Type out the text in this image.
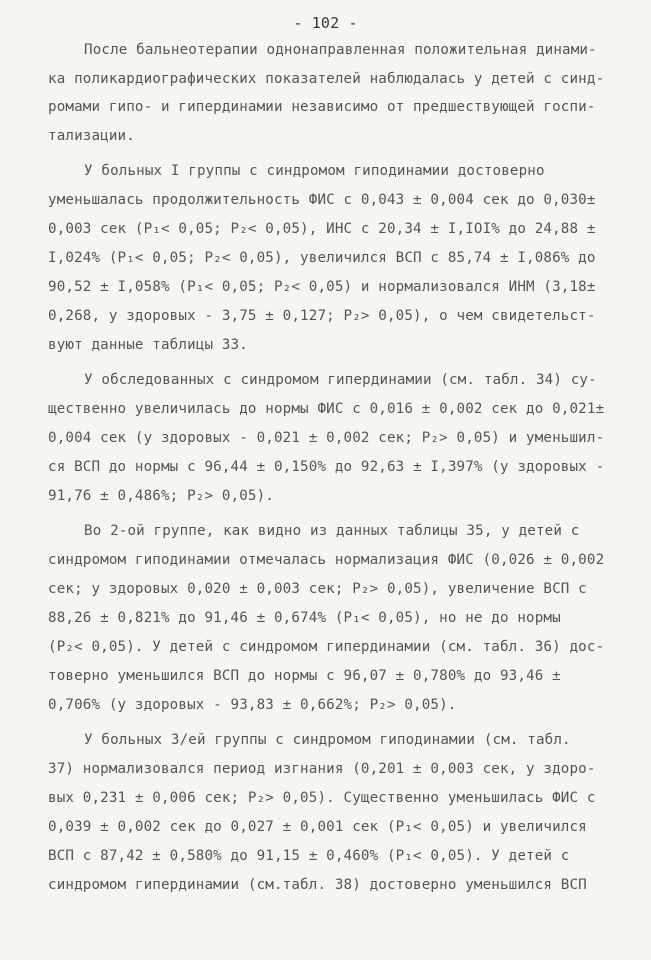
- 102 -
После бальнеотерапии однонаправленная положительная динами-
ка поликардиографических показателей наблюдалась у детей с синд-
ромами гипо- и гипердинамии независимо от предшествующей госпи-
тализации.
У больных I группы с синдромом гиподинамии достоверно
уменьшалась продолжительность ФИС с 0,043 ± 0,004 сек до 0,030±
0,003 сек (Р₁< 0,05; Р₂< 0,05), ИНС с 20,34 ± I,IOI% до 24,88 ±
I,024% (Р₁< 0,05; Р₂< 0,05), увеличился ВСП с 85,74 ± I,086% до
90,52 ± I,058% (Р₁< 0,05; Р₂< 0,05) и нормализовался ИНМ (3,18±
0,268, у здоровых - 3,75 ± 0,127; Р₂> 0,05), о чем свидетельст-
вуют данные таблицы 33.
У обследованных с синдромом гипердинамии (см. табл. 34) су-
щественно увеличилась до нормы ФИС с 0,016 ± 0,002 сек до 0,021±
0,004 сек (у здоровых - 0,021 ± 0,002 сек; Р₂> 0,05) и уменьшил-
ся ВСП до нормы с 96,44 ± 0,150% до 92,63 ± I,397% (у здоровых -
91,76 ± 0,486%; Р₂> 0,05).
Во 2-ой группе, как видно из данных таблицы 35, у детей с
синдромом гиподинамии отмечалась нормализация ФИС (0,026 ± 0,002
сек; у здоровых 0,020 ± 0,003 сек; Р₂> 0,05), увеличение ВСП с
88,26 ± 0,821% до 91,46 ± 0,674% (Р₁< 0,05), но не до нормы
(Р₂< 0,05). У детей с синдромом гипердинамии (см. табл. 36) дос-
товерно уменьшился ВСП до нормы с 96,07 ± 0,780% до 93,46 ±
0,706% (у здоровых - 93,83 ± 0,662%; Р₂> 0,05).
У больных 3/ей группы с синдромом гиподинамии (см. табл.
37) нормализовался период изгнания (0,201 ± 0,003 сек, у здоро-
вых 0,231 ± 0,006 сек; Р₂> 0,05). Существенно уменьшилась ФИС с
0,039 ± 0,002 сек до 0,027 ± 0,001 сек (Р₁< 0,05) и увеличился
ВСП с 87,42 ± 0,580% до 91,15 ± 0,460% (Р₁< 0,05). У детей с
синдромом гипердинамии (см.табл. 38) достоверно уменьшился ВСП
